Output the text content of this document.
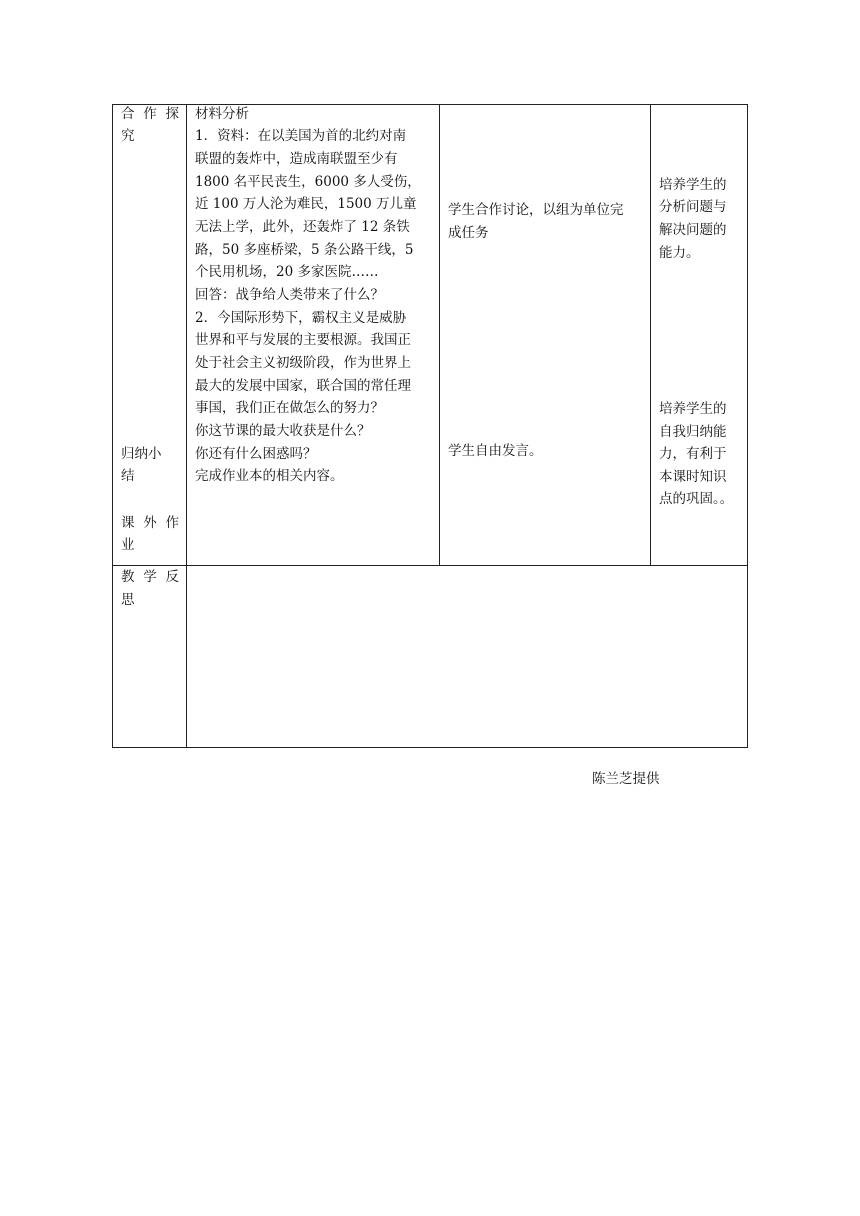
合 作 探
究
归纳小
结
课 外 作
业
材料分析
1．资料：在以美国为首的北约对南
联盟的轰炸中，造成南联盟至少有
1800 名平民丧生，6000 多人受伤，
近 100 万人沦为难民，1500 万儿童
无法上学，此外，还轰炸了 12 条铁
路，50 多座桥梁，5 条公路干线，5
个民用机场，20 多家医院……
回答：战争给人类带来了什么？
2．今国际形势下，霸权主义是威胁
世界和平与发展的主要根源。我国正
处于社会主义初级阶段，作为世界上
最大的发展中国家，联合国的常任理
事国，我们正在做怎么的努力？
你这节课的最大收获是什么？
你还有什么困惑吗？
完成作业本的相关内容。
学生合作讨论，以组为单位完
成任务
学生自由发言。
培养学生的
分析问题与
解决问题的
能力。
培养学生的
自我归纳能
力，有利于
本课时知识
点的巩固。。
教 学 反
思
陈兰芝提供
